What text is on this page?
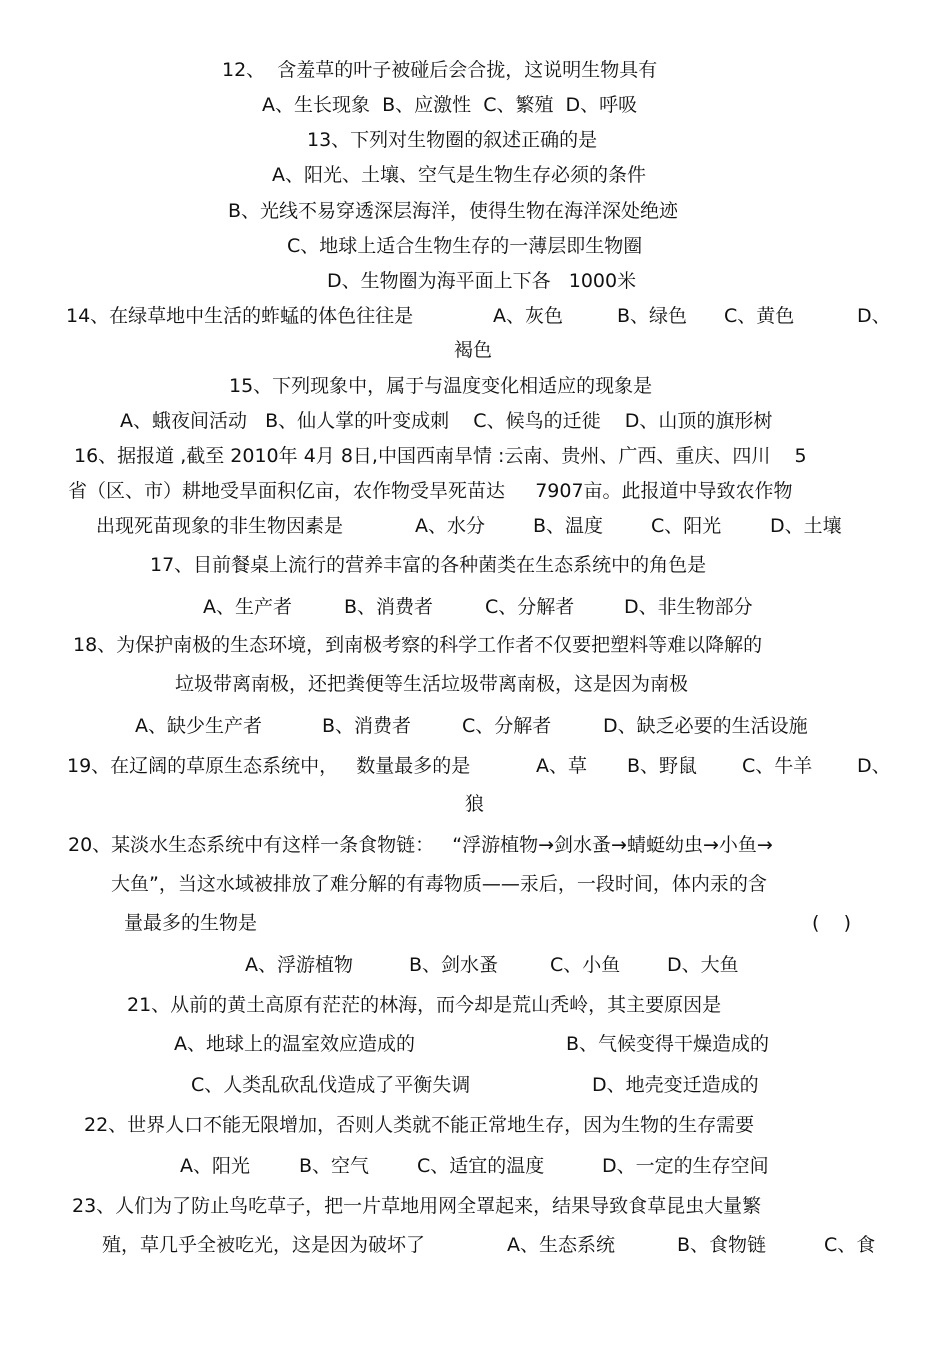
12、  含羞草的叶子被碰后会合拢，这说明生物具有
A、生长现象  B、应激性  C、繁殖  D、呼吸
13、下列对生物圈的叙述正确的是
A、阳光、土壤、空气是生物生存必须的条件
B、光线不易穿透深层海洋，使得生物在海洋深处绝迹
C、地球上适合生物生存的一薄层即生物圈
D、生物圈为海平面上下各   1000米
14、在绿草地中生活的蚱蜢的体色往往是	A、灰色	B、绿色 C、黄色	D、
褐色
15、下列现象中，属于与温度变化相适应的现象是
A、蛾夜间活动   B、仙人掌的叶变成刺    C、候鸟的迁徙    D、山顶的旗形树
16、据报道 ,截至 2010年 4月 8日,中国西南旱情 :云南、贵州、广西、重庆、四川    5
省（区、市）耕地受旱面积亿亩，农作物受旱死苗达     7907亩。此报道中导致农作物
出现死苗现象的非生物因素是	A、水分	B、温度	C、阳光	D、土壤
17、目前餐桌上流行的营养丰富的各种菌类在生态系统中的角色是
A、生产者	B、消费者	C、分解者	D、非生物部分
18、为保护南极的生态环境，到南极考察的科学工作者不仅要把塑料等难以降解的
垃圾带离南极，还把粪便等生活垃圾带离南极，这是因为南极
A、缺少生产者	B、消费者	C、分解者	D、缺乏必要的生活设施
19、在辽阔的草原生态系统中，   数量最多的是	A、草 B、野鼠 C、牛羊 D、
狼
20、某淡水生态系统中有这样一条食物链：   “浮游植物→剑水蚤→蜻蜓幼虫→小鱼→
大鱼”，当这水域被排放了难分解的有毒物质——汞后，一段时间，体内汞的含
量最多的生物是	(    )
A、浮游植物	B、剑水蚤	C、小鱼 D、大鱼
21、从前的黄土高原有茫茫的林海，而今却是荒山秃岭，其主要原因是
A、地球上的温室效应造成的	B、气候变得干燥造成的
C、人类乱砍乱伐造成了平衡失调	D、地壳变迁造成的
22、世界人口不能无限增加，否则人类就不能正常地生存，因为生物的生存需要
A、阳光	B、空气	C、适宜的温度	D、一定的生存空间
23、人们为了防止鸟吃草子，把一片草地用网全罩起来，结果导致食草昆虫大量繁
殖，草几乎全被吃光，这是因为破坏了	A、生态系统	B、食物链	C、食
